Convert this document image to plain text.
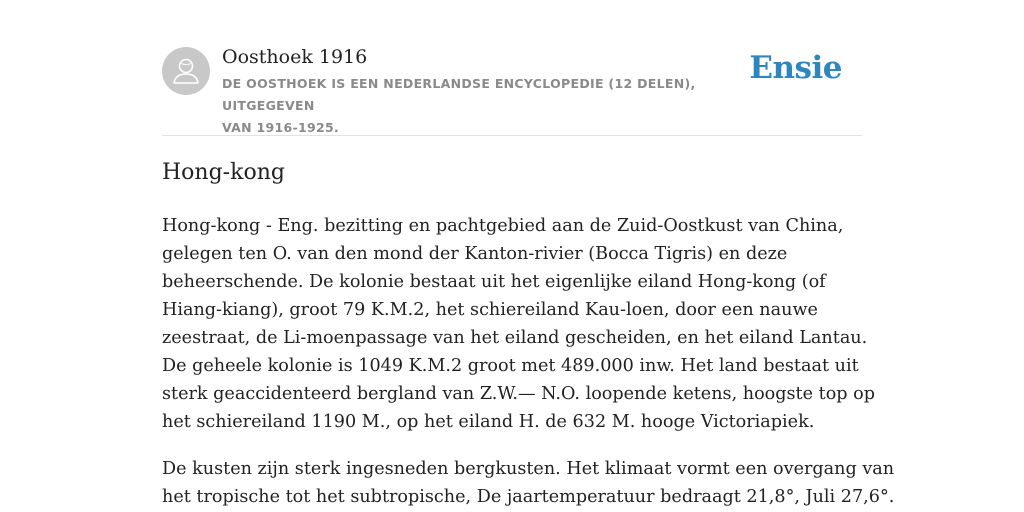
Oosthoek 1916
DE OOSTHOEK IS EEN NEDERLANDSE ENCYCLOPEDIE (12 DELEN), UITGEGEVEN
VAN 1916-1925.
Ensie
Hong-kong

Hong-kong - Eng. bezitting en pachtgebied aan de Zuid-Oostkust van China,
gelegen ten O. van den mond der Kanton-rivier (Bocca Tigris) en deze
beheerschende. De kolonie bestaat uit het eigenlijke eiland Hong-kong (of
Hiang-kiang), groot 79 K.M.2, het schiereiland Kau-loen, door een nauwe
zeestraat, de Li-moenpassage van het eiland gescheiden, en het eiland Lantau.
De geheele kolonie is 1049 K.M.2 groot met 489.000 inw. Het land bestaat uit
sterk geaccidenteerd bergland van Z.W.— N.O. loopende ketens, hoogste top op
het schiereiland 1190 M., op het eiland H. de 632 M. hooge Victoriapiek.

De kusten zijn sterk ingesneden bergkusten. Het klimaat vormt een overgang van
het tropische tot het subtropische, De jaartemperatuur bedraagt 21,8°, Juli 27,6°.
